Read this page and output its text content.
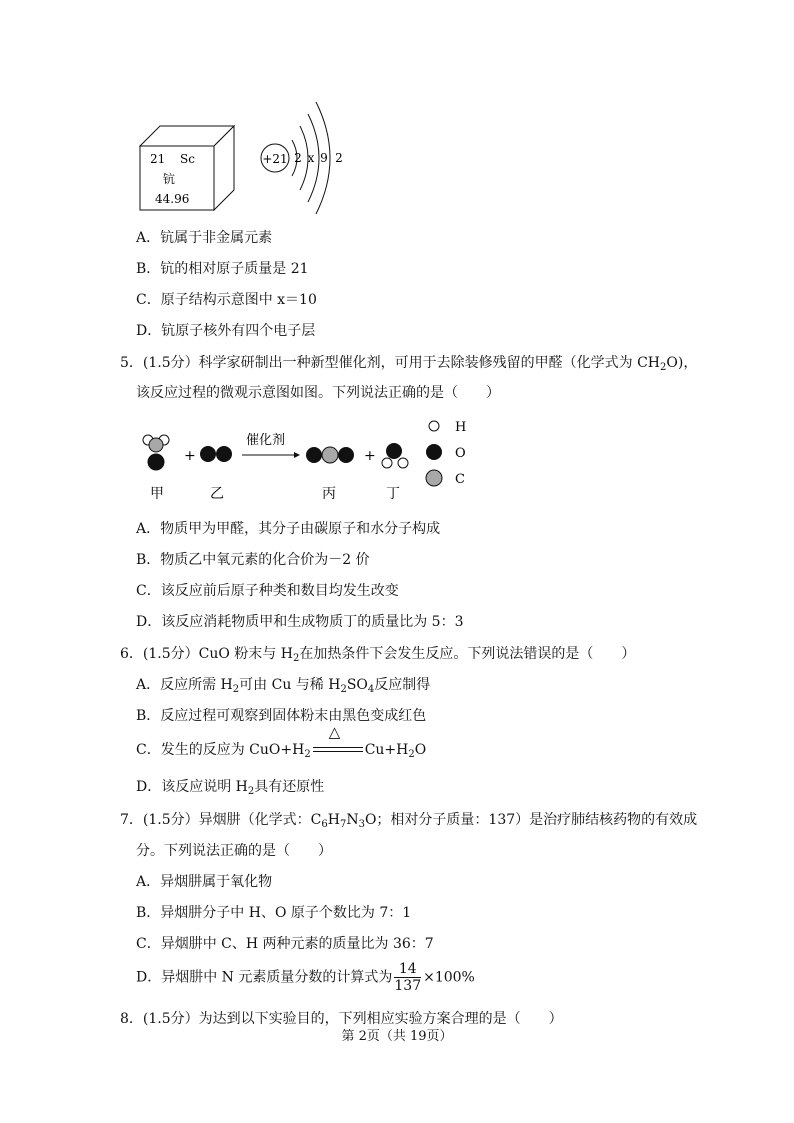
21 Sc
钪
44.96
+21 2 x 9 2
A．钪属于非金属元素
B．钪的相对原子质量是 21
C．原子结构示意图中 x＝10
D．钪原子核外有四个电子层
5．(1.5分）科学家研制出一种新型催化剂，可用于去除装修残留的甲醛（化学式为 $CH_2O$)，
该反应过程的微观示意图如图。下列说法正确的是（　　）
+
催化剂
+
H
O
C
甲	乙	丙	丁
A．物质甲为甲醛，其分子由碳原子和水分子构成
B．物质乙中氧元素的化合价为－2 价
C．该反应前后原子种类和数目均发生改变
D．该反应消耗物质甲和生成物质丁的质量比为 5：3
6．(1.5分）CuO 粉末与 $H_2$在加热条件下会发生反应。下列说法错误的是（　　）
A．反应所需 $H_2$可由 Cu 与稀 $H_2SO_4$反应制得
B．反应过程可观察到固体粉末由黑色变成红色
C．发生的反应为 $CuO+H_2$
△
$Cu+H_2O$
D．该反应说明 $H_2$具有还原性
7．(1.5分）异烟肼（化学式：$C_6H_7N_3O$；相对分子质量：137）是治疗肺结核药物的有效成
分。下列说法正确的是（　　）
A．异烟肼属于氧化物
B．异烟肼分子中 H、O 原子个数比为 7：1
C．异烟肼中 C、H 两种元素的质量比为 36：7
D．异烟肼中 N 元素质量分数的计算式为 $\frac{14}{137} \times 100\%$
8．(1.5分）为达到以下实验目的，下列相应实验方案合理的是（　　）
第 2页（共 19页）
